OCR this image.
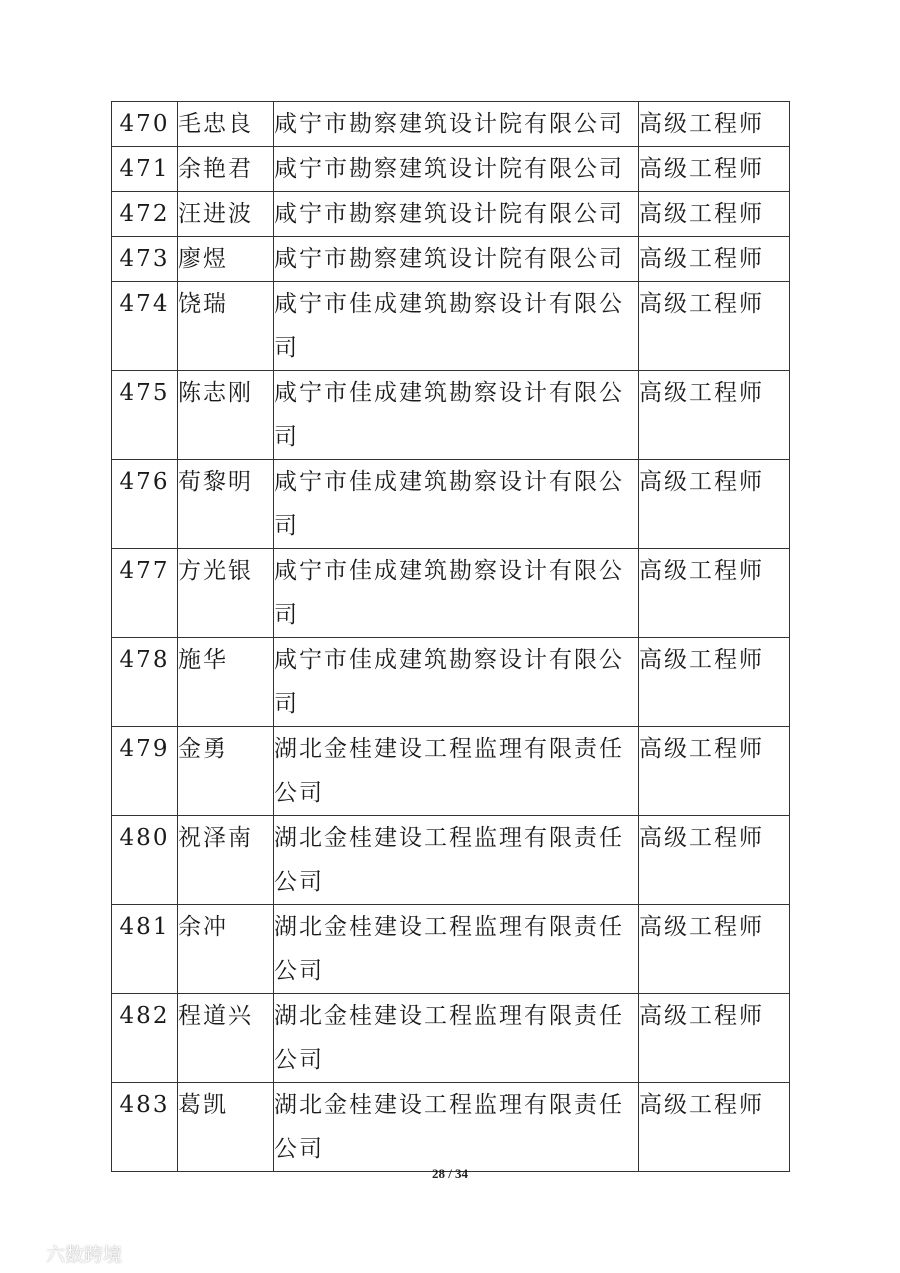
470	毛忠良	咸宁市勘察建筑设计院有限公司	高级工程师
471	余艳君	咸宁市勘察建筑设计院有限公司	高级工程师
472	汪进波	咸宁市勘察建筑设计院有限公司	高级工程师
473	廖煜	咸宁市勘察建筑设计院有限公司	高级工程师
474	饶瑞	咸宁市佳成建筑勘察设计有限公司	高级工程师
475	陈志刚	咸宁市佳成建筑勘察设计有限公司	高级工程师
476	荀黎明	咸宁市佳成建筑勘察设计有限公司	高级工程师
477	方光银	咸宁市佳成建筑勘察设计有限公司	高级工程师
478	施华	咸宁市佳成建筑勘察设计有限公司	高级工程师
479	金勇	湖北金桂建设工程监理有限责任公司	高级工程师
480	祝泽南	湖北金桂建设工程监理有限责任公司	高级工程师
481	余冲	湖北金桂建设工程监理有限责任公司	高级工程师
482	程道兴	湖北金桂建设工程监理有限责任公司	高级工程师
483	葛凯	湖北金桂建设工程监理有限责任公司	高级工程师
28 / 34
六数跨境
